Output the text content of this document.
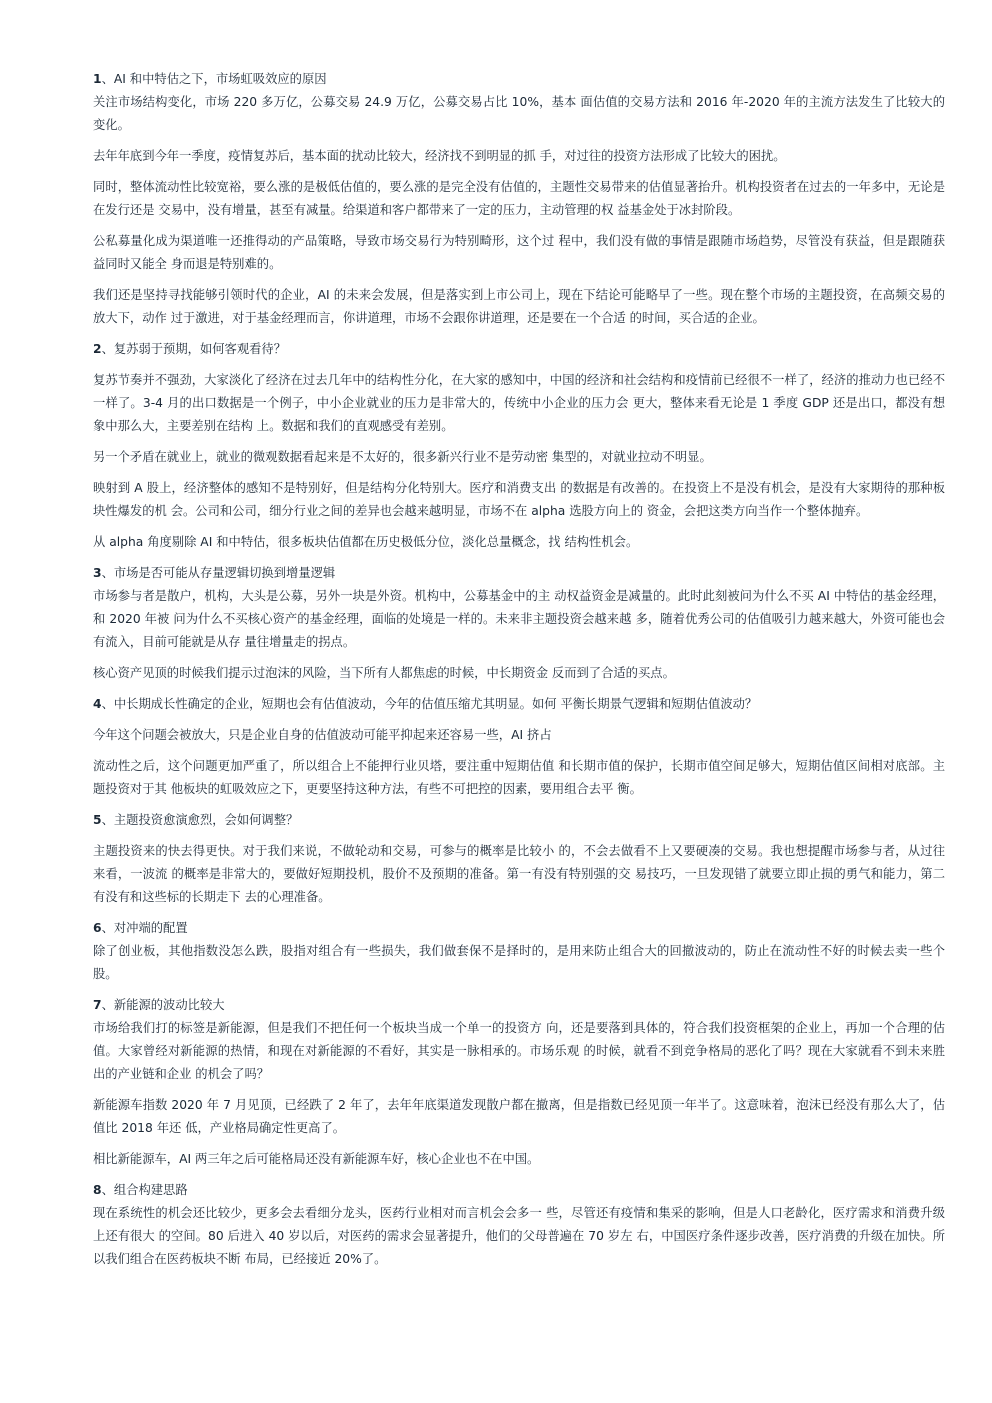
1、AI 和中特估之下，市场虹吸效应的原因

关注市场结构变化，市场 220 多万亿，公募交易 24.9 万亿，公募交易占比 10%，基本 面估值的交易方法和 2016 年-2020 年的主流方法发生了比较大的变化。

去年年底到今年一季度，疫情复苏后，基本面的扰动比较大，经济找不到明显的抓 手，对过往的投资方法形成了比较大的困扰。

同时，整体流动性比较宽裕，要么涨的是极低估值的，要么涨的是完全没有估值的，主题性交易带来的估值显著抬升。机构投资者在过去的一年多中，无论是在发行还是 交易中，没有增量，甚至有减量。给渠道和客户都带来了一定的压力，主动管理的权 益基金处于冰封阶段。

公私募量化成为渠道唯一还推得动的产品策略，导致市场交易行为特别畸形，这个过 程中，我们没有做的事情是跟随市场趋势，尽管没有获益，但是跟随获益同时又能全 身而退是特别难的。

我们还是坚持寻找能够引领时代的企业，AI 的未来会发展，但是落实到上市公司上，现在下结论可能略早了一些。现在整个市场的主题投资，在高频交易的放大下，动作 过于激进，对于基金经理而言，你讲道理，市场不会跟你讲道理，还是要在一个合适 的时间，买合适的企业。

2、复苏弱于预期，如何客观看待？

复苏节奏并不强劲，大家淡化了经济在过去几年中的结构性分化，在大家的感知中，中国的经济和社会结构和疫情前已经很不一样了，经济的推动力也已经不一样了。3-4 月的出口数据是一个例子，中小企业就业的压力是非常大的，传统中小企业的压力会 更大，整体来看无论是 1 季度 GDP 还是出口，都没有想象中那么大，主要差别在结构 上。数据和我们的直观感受有差别。

另一个矛盾在就业上，就业的微观数据看起来是不太好的，很多新兴行业不是劳动密 集型的，对就业拉动不明显。

映射到 A 股上，经济整体的感知不是特别好，但是结构分化特别大。医疗和消费支出 的数据是有改善的。在投资上不是没有机会，是没有大家期待的那种板块性爆发的机 会。公司和公司，细分行业之间的差异也会越来越明显，市场不在 alpha 选股方向上的 资金，会把这类方向当作一个整体抛弃。

从 alpha 角度剔除 AI 和中特估，很多板块估值都在历史极低分位，淡化总量概念，找 结构性机会。

3、市场是否可能从存量逻辑切换到增量逻辑

市场参与者是散户，机构，大头是公募，另外一块是外资。机构中，公募基金中的主 动权益资金是减量的。此时此刻被问为什么不买 AI 中特估的基金经理，和 2020 年被 问为什么不买核心资产的基金经理，面临的处境是一样的。未来非主题投资会越来越 多，随着优秀公司的估值吸引力越来越大，外资可能也会有流入，目前可能就是从存 量往增量走的拐点。

核心资产见顶的时候我们提示过泡沫的风险，当下所有人都焦虑的时候，中长期资金 反而到了合适的买点。

4、中长期成长性确定的企业，短期也会有估值波动，今年的估值压缩尤其明显。如何 平衡长期景气逻辑和短期估值波动？

今年这个问题会被放大，只是企业自身的估值波动可能平抑起来还容易一些，AI 挤占

流动性之后，这个问题更加严重了，所以组合上不能押行业贝塔，要注重中短期估值 和长期市值的保护，长期市值空间足够大，短期估值区间相对底部。主题投资对于其 他板块的虹吸效应之下，更要坚持这种方法，有些不可把控的因素，要用组合去平 衡。

5、主题投资愈演愈烈，会如何调整？

主题投资来的快去得更快。对于我们来说，不做轮动和交易，可参与的概率是比较小 的，不会去做看不上又要硬凑的交易。我也想提醒市场参与者，从过往来看，一波流 的概率是非常大的，要做好短期投机，股价不及预期的准备。第一有没有特别强的交 易技巧，一旦发现错了就要立即止损的勇气和能力，第二有没有和这些标的长期走下 去的心理准备。

6、对冲端的配置

除了创业板，其他指数没怎么跌，股指对组合有一些损失，我们做套保不是择时的，是用来防止组合大的回撤波动的，防止在流动性不好的时候去卖一些个股。

7、新能源的波动比较大

市场给我们打的标签是新能源，但是我们不把任何一个板块当成一个单一的投资方 向，还是要落到具体的，符合我们投资框架的企业上，再加一个合理的估值。大家曾经对新能源的热情，和现在对新能源的不看好，其实是一脉相承的。市场乐观 的时候，就看不到竞争格局的恶化了吗？现在大家就看不到未来胜出的产业链和企业 的机会了吗？

新能源车指数 2020 年 7 月见顶，已经跌了 2 年了，去年年底渠道发现散户都在撤离，但是指数已经见顶一年半了。这意味着，泡沫已经没有那么大了，估值比 2018 年还 低，产业格局确定性更高了。

相比新能源车，AI 两三年之后可能格局还没有新能源车好，核心企业也不在中国。

8、组合构建思路

现在系统性的机会还比较少，更多会去看细分龙头，医药行业相对而言机会会多一 些，尽管还有疫情和集采的影响，但是人口老龄化，医疗需求和消费升级上还有很大 的空间。80 后进入 40 岁以后，对医药的需求会显著提升，他们的父母普遍在 70 岁左 右，中国医疗条件逐步改善，医疗消费的升级在加快。所以我们组合在医药板块不断 布局，已经接近 20%了。
